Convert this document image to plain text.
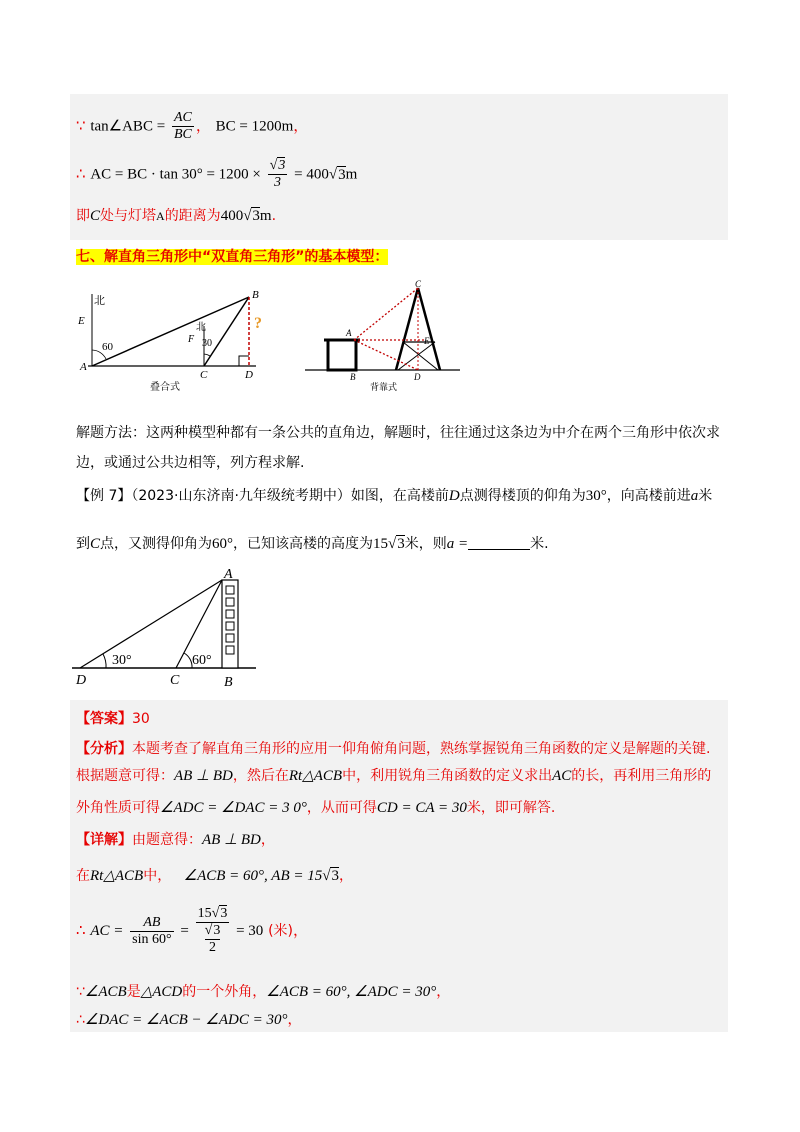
∵ tan∠ABC = $\frac{AC}{BC}$ ， BC = 1200m，
∴ AC = BC · $\tan 30^\circ = 1200 \times \frac{√3}{3} = 400√3m$
即C处与灯塔A的距离为400√3m.
七、解直角三角形中“双直角三角形”的基本模型：
北
E
60	30
北
F
?
A
B
C	D
叠合式
C
A
E
B	D
背靠式
解题方法：这两种模型种都有一条公共的直角边，解题时，往往通过这条边为中介在两个三角形中依次求边，或通过公共边相等，列方程求解.
【例 7】（2023·山东济南·九年级统考期中）如图，在高楼前D点测得楼顶的仰角为30°，向高楼前进a米
到C点，又测得仰角为60°，已知该高楼的高度为15√3米，则a =	米.
30°	60°
A
B
C
D
【答案】30
【分析】本题考查了解直角三角形的应用一仰角俯角问题，熟练掌握锐角三角函数的定义是解题的关键.
根据题意可得：AB ⊥ BD，然后在Rt△ACB中，利用锐角三角函数的定义求出AC的长，再利用三角形的
外角性质可得∠ADC = ∠DAC = 3 0°，从而可得CD = CA = 30米，即可解答.
【详解】由题意得：AB ⊥ BD，
在Rt△ACB中， ∠ACB = 60°, AB = 15√3，
∴ AC = $\frac{AB}{\sin 60^\circ}$ =
15√3
√3
2
= 30 (米)，
∵∠ACB是△ACD的一个外角，∠ACB = 60°, ∠ADC = 30°，
∴∠DAC = ∠ACB − ∠ADC = 30°，
